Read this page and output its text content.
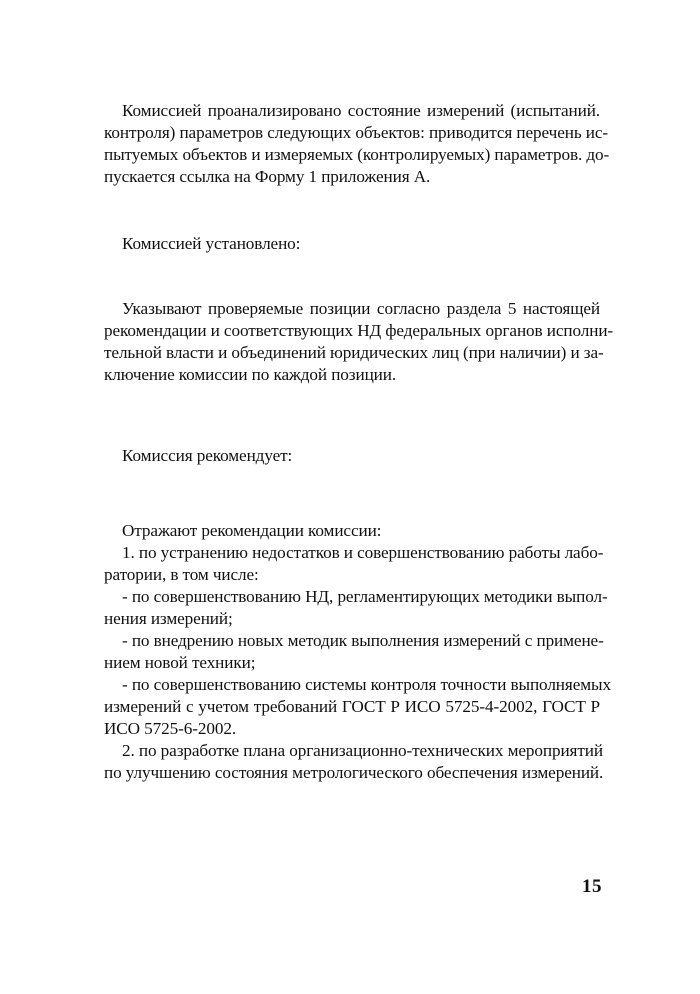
Комиссией проанализировано состояние измерений (испытаний.
контроля) параметров следующих объектов: приводится перечень ис-
пытуемых объектов и измеряемых (контролируемых) параметров. до-
пускается ссылка на Форму 1 приложения А.
Комиссией установлено:
Указывают проверяемые позиции согласно раздела 5 настоящей
рекомендации и соответствующих НД федеральных органов исполни-
тельной власти и объединений юридических лиц (при наличии) и за-
ключение комиссии по каждой позиции.
Комиссия рекомендует:
Отражают рекомендации комиссии:
1. по устранению недостатков и совершенствованию работы лабо-
ратории, в том числе:
- по совершенствованию НД, регламентирующих методики выпол-
нения измерений;
- по внедрению новых методик выполнения измерений с примене-
нием новой техники;
- по совершенствованию системы контроля точности выполняемых
измерений с учетом требований ГОСТ Р ИСО 5725-4-2002, ГОСТ Р
ИСО 5725-6-2002.
2. по разработке плана организационно-технических мероприятий
по улучшению состояния метрологического обеспечения измерений.
15
